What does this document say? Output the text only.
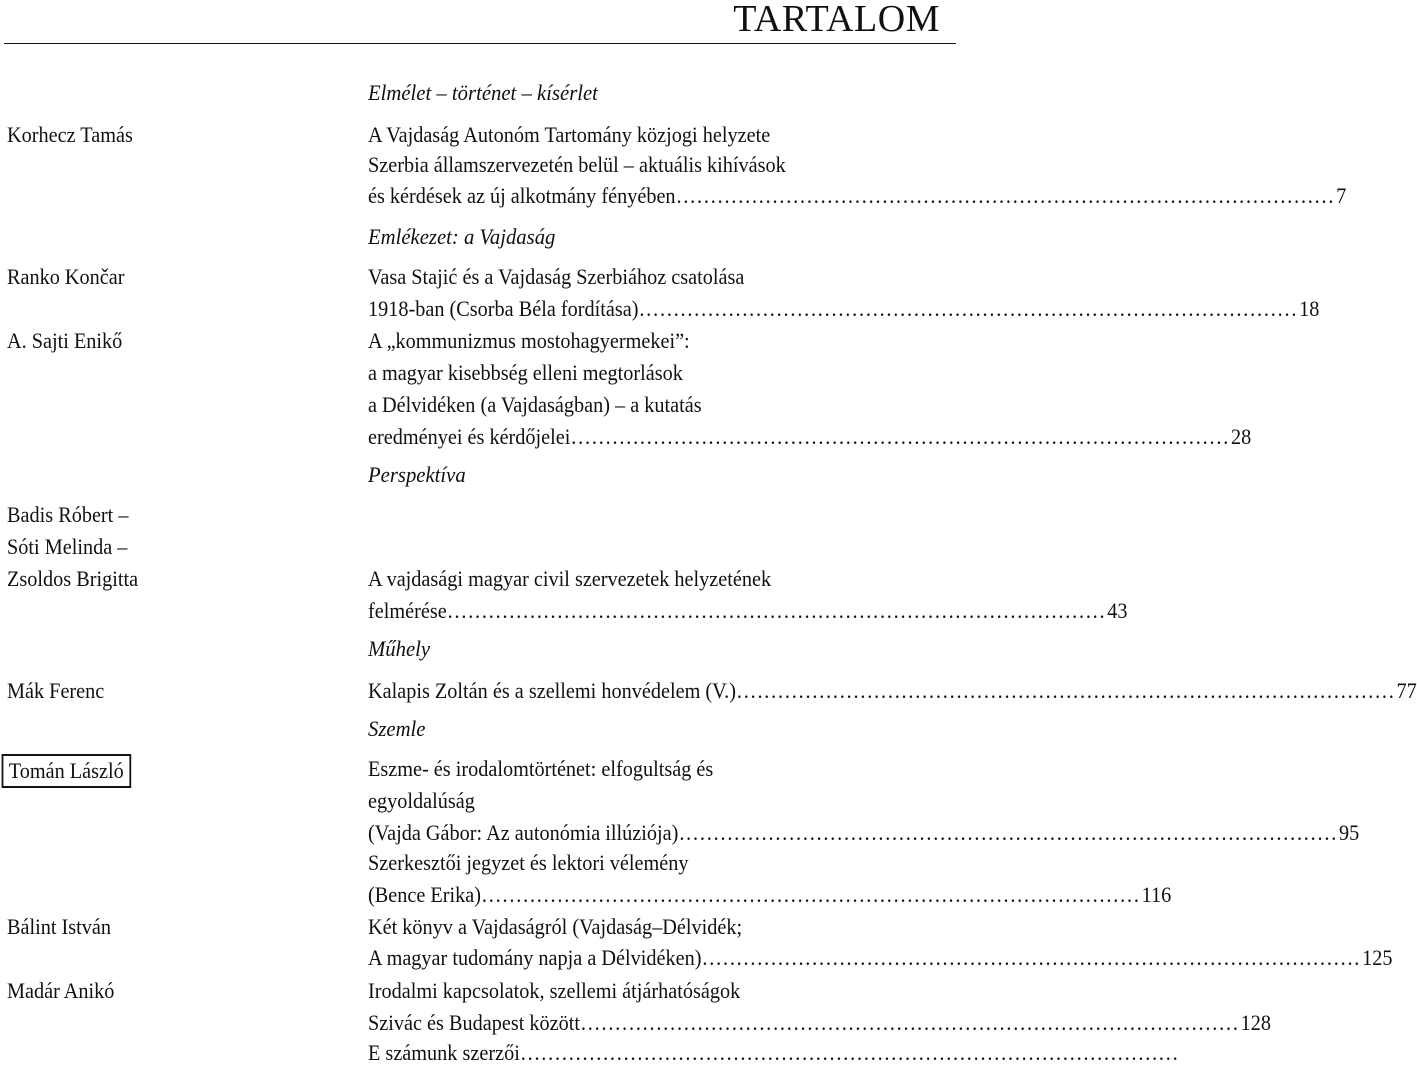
TARTALOM
Elmélet – történet – kísérlet
Korhecz Tamás	A Vajdaság Autonóm Tartomány közjogi helyzete
Szerbia államszervezetén belül – aktuális kihívások
és kérdések az új alkotmány fényében ................................................................................................ 7
Emlékezet: a Vajdaság
Ranko Končar	Vasa Stajić és a Vajdaság Szerbiához csatolása
1918-ban (Csorba Béla fordítása) ................................................................................................ 18
A. Sajti Enikő	A „kommunizmus mostohagyermekei”:
a magyar kisebbség elleni megtorlások
a Délvidéken (a Vajdaságban) – a kutatás
eredményei és kérdőjelei ................................................................................................ 28
Perspektíva
Badis Róbert –
Sóti Melinda –
Zsoldos Brigitta	A vajdasági magyar civil szervezetek helyzetének
felmérése ................................................................................................ 43
Műhely
Mák Ferenc	Kalapis Zoltán és a szellemi honvédelem (V.) ................................................................................................ 77
Szemle
Tomán László	Eszme- és irodalomtörténet: elfogultság és
egyoldalúság
(Vajda Gábor: Az autonómia illúziója) ................................................................................................ 95
Szerkesztői jegyzet és lektori vélemény
(Bence Erika) ................................................................................................ 116
Bálint István	Két könyv a Vajdaságról (Vajdaság–Délvidék;
A magyar tudomány napja a Délvidéken) ................................................................................................ 125
Madár Anikó	Irodalmi kapcsolatok, szellemi átjárhatóságok
Szivác és Budapest között ................................................................................................ 128
E számunk szerzői ................................................................................................
